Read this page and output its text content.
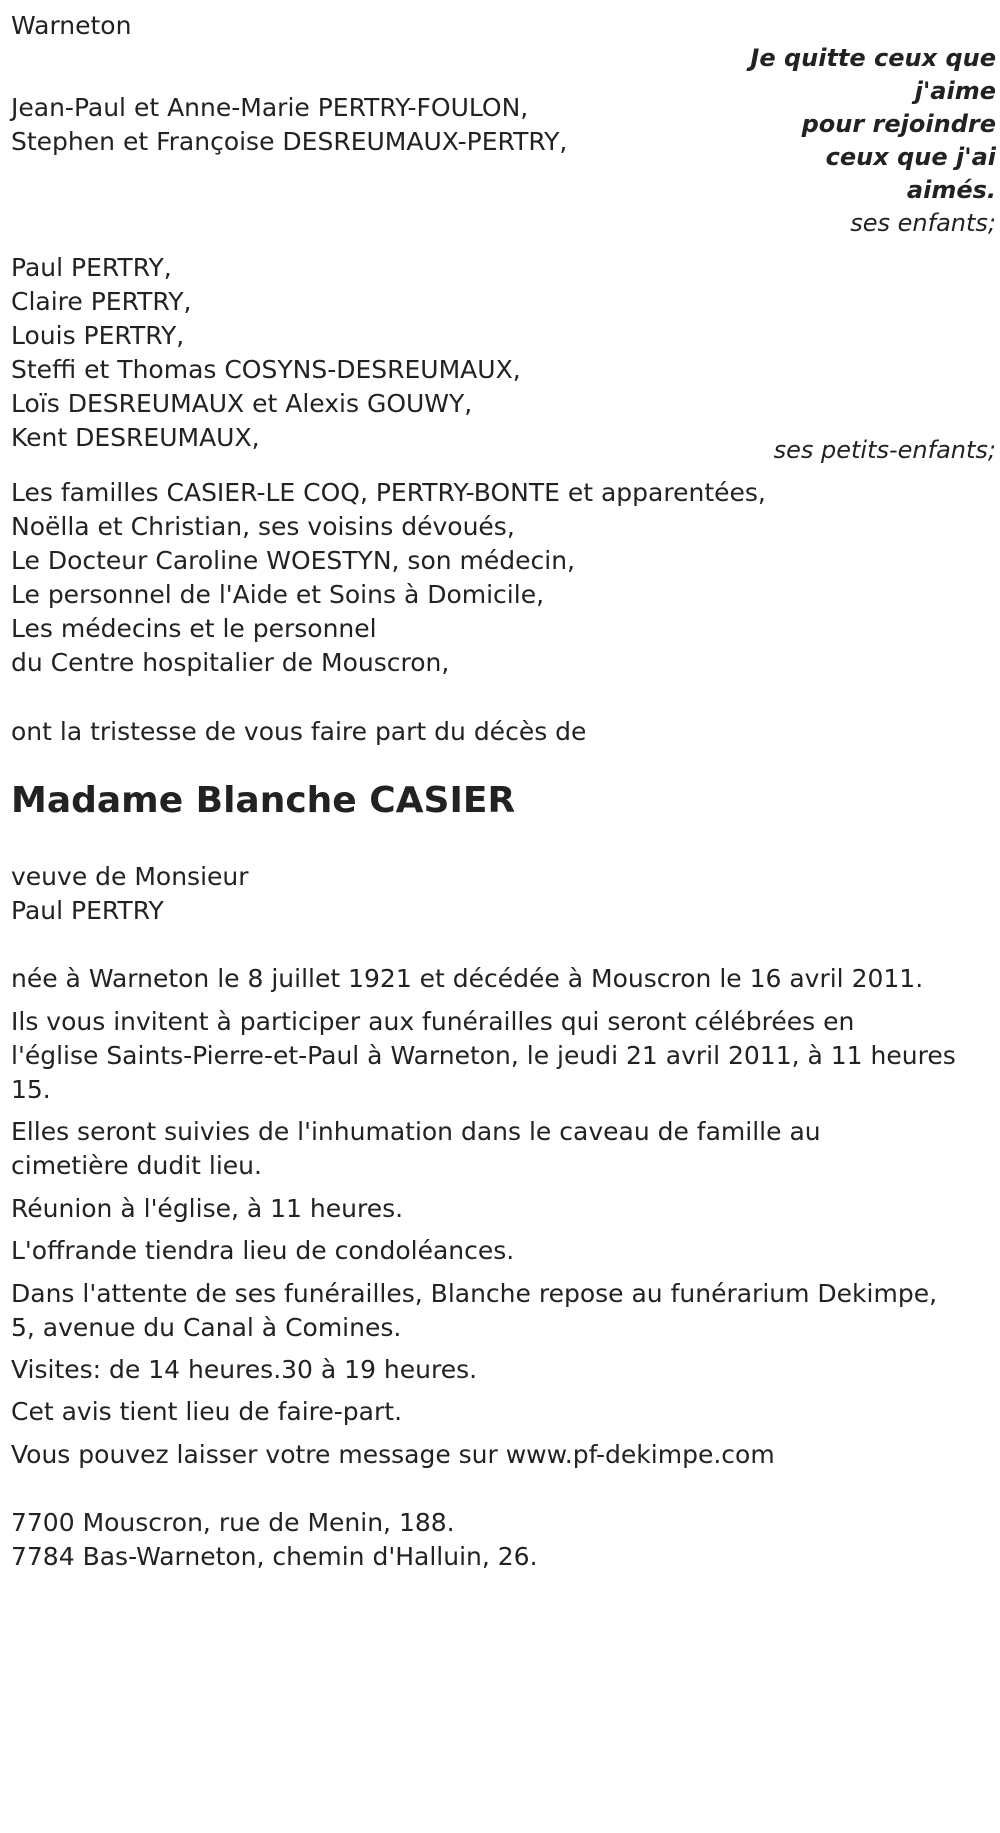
Warneton
Je quitte ceux que
j'aime
pour rejoindre
ceux que j'ai
aimés.
ses enfants;
Jean-Paul et Anne-Marie PERTRY-FOULON,
Stephen et Françoise DESREUMAUX-PERTRY,
Paul PERTRY,
Claire PERTRY,
Louis PERTRY,
Steffi et Thomas COSYNS-DESREUMAUX,
Loïs DESREUMAUX et Alexis GOUWY,
Kent DESREUMAUX,	ses petits-enfants;
Les familles CASIER-LE COQ, PERTRY-BONTE et apparentées,
Noëlla et Christian, ses voisins dévoués,
Le Docteur Caroline WOESTYN, son médecin,
Le personnel de l'Aide et Soins à Domicile,
Les médecins et le personnel
du Centre hospitalier de Mouscron,
ont la tristesse de vous faire part du décès de
Madame Blanche CASIER
veuve de Monsieur
Paul PERTRY
née à Warneton le 8 juillet 1921 et décédée à Mouscron le 16 avril 2011.
Ils vous invitent à participer aux funérailles qui seront célébrées en
l'église Saints-Pierre-et-Paul à Warneton, le jeudi 21 avril 2011, à 11 heures
15.
Elles seront suivies de l'inhumation dans le caveau de famille au
cimetière dudit lieu.
Réunion à l'église, à 11 heures.
L'offrande tiendra lieu de condoléances.
Dans l'attente de ses funérailles, Blanche repose au funérarium Dekimpe,
5, avenue du Canal à Comines.
Visites: de 14 heures.30 à 19 heures.
Cet avis tient lieu de faire-part.
Vous pouvez laisser votre message sur www.pf-dekimpe.com
7700 Mouscron, rue de Menin, 188.
7784 Bas-Warneton, chemin d'Halluin, 26.
